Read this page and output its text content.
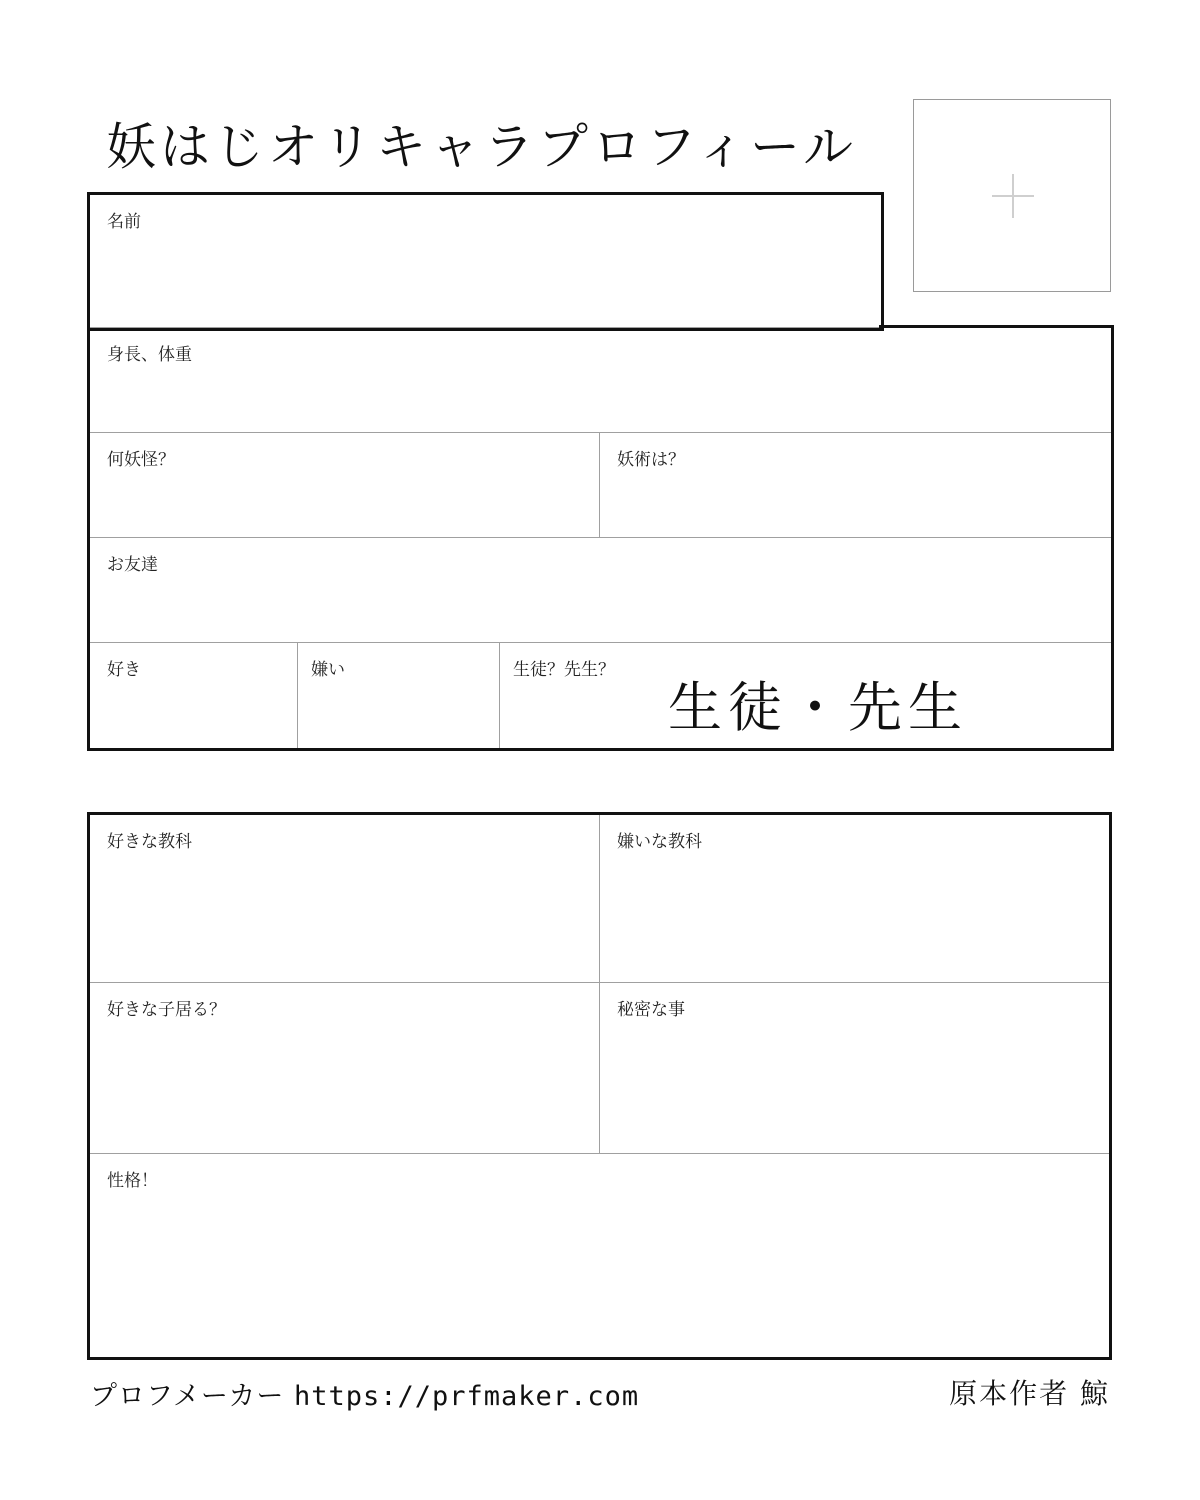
妖はじオリキャラプロフィール
名前
身長、体重
何妖怪？	妖術は？
お友達
好き	嫌い	生徒？先生？
生徒・先生
好きな教科	嫌いな教科
好きな子居る？	秘密な事
性格！
プロフメーカー https://prfmaker.com	原本作者 鯨
